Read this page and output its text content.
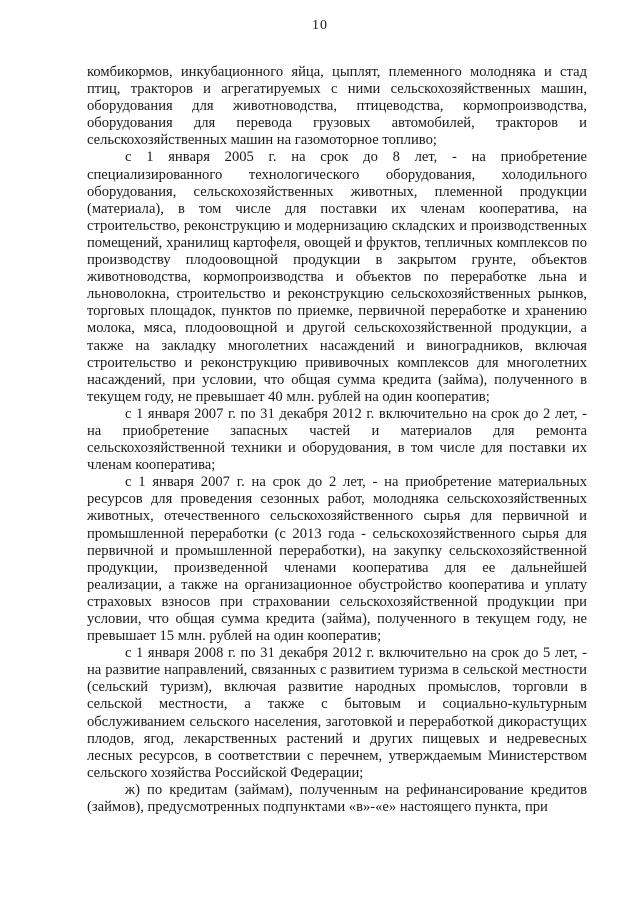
10

комбикормов, инкубационного яйца, цыплят, племенного молодняка и стад птиц, тракторов и агрегатируемых с ними сельскохозяйственных машин, оборудования для животноводства, птицеводства, кормопроизводства, оборудования для перевода грузовых автомобилей, тракторов и сельскохозяйственных машин на газомоторное топливо;

с 1 января 2005 г. на срок до 8 лет, - на приобретение специализированного технологического оборудования, холодильного оборудования, сельскохозяйственных животных, племенной продукции (материала), в том числе для поставки их членам кооператива, на строительство, реконструкцию и модернизацию складских и производственных помещений, хранилищ картофеля, овощей и фруктов, тепличных комплексов по производству плодоовощной продукции в закрытом грунте, объектов животноводства, кормопроизводства и объектов по переработке льна и льноволокна, строительство и реконструкцию сельскохозяйственных рынков, торговых площадок, пунктов по приемке, первичной переработке и хранению молока, мяса, плодоовощной и другой сельскохозяйственной продукции, а также на закладку многолетних насаждений и виноградников, включая строительство и реконструкцию прививочных комплексов для многолетних насаждений, при условии, что общая сумма кредита (займа), полученного в текущем году, не превышает 40 млн. рублей на один кооператив;

с 1 января 2007 г. по 31 декабря 2012 г. включительно на срок до 2 лет, - на приобретение запасных частей и материалов для ремонта сельскохозяйственной техники и оборудования, в том числе для поставки их членам кооператива;

с 1 января 2007 г. на срок до 2 лет, - на приобретение материальных ресурсов для проведения сезонных работ, молодняка сельскохозяйственных животных, отечественного сельскохозяйственного сырья для первичной и промышленной переработки (с 2013 года - сельскохозяйственного сырья для первичной и промышленной переработки), на закупку сельскохозяйственной продукции, произведенной членами кооператива для ее дальнейшей реализации, а также на организационное обустройство кооператива и уплату страховых взносов при страховании сельскохозяйственной продукции при условии, что общая сумма кредита (займа), полученного в текущем году, не превышает 15 млн. рублей на один кооператив;

с 1 января 2008 г. по 31 декабря 2012 г. включительно на срок до 5 лет, - на развитие направлений, связанных с развитием туризма в сельской местности (сельский туризм), включая развитие народных промыслов, торговли в сельской местности, а также с бытовым и социально-культурным обслуживанием сельского населения, заготовкой и переработкой дикорастущих плодов, ягод, лекарственных растений и других пищевых и недревесных лесных ресурсов, в соответствии с перечнем, утверждаемым Министерством сельского хозяйства Российской Федерации;

ж) по кредитам (займам), полученным на рефинансирование кредитов (займов), предусмотренных подпунктами «в»-«е» настоящего пункта, при
